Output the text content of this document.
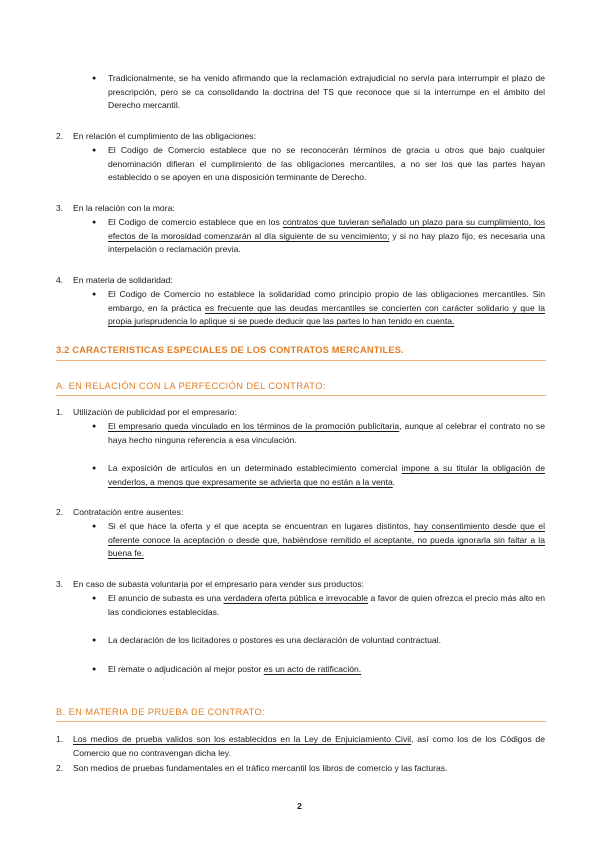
● Tradicionalmente, se ha venido afirmando que la reclamación extrajudicial no servía para interrumpir el plazo de prescripción, pero se ca consolidando la doctrina del TS que reconoce que si la interrumpe en el ámbito del Derecho mercantil.
2. En relación el cumplimiento de las obligaciones:
● El Codigo de Comercio establece que no se reconocerán términos de gracia u otros que bajo cualquier denominación difieran el cumplimiento de las obligaciones mercantiles, a no ser los que las partes hayan establecido o se apoyen en una disposición terminante de Derecho.
3. En la relación con la mora:
● El Codigo de comercio establece que en los contratos que tuvieran señalado un plazo para su cumplimiento, los efectos de la morosidad comenzarán al día siguiente de su vencimiento; y si no hay plazo fijo, es necesaria una interpelación o reclamación previa.
4. En materia de solidaridad:
● El Codigo de Comercio no establece la solidaridad como principio propio de las obligaciones mercantiles. Sin embargo, en la práctica es frecuente que las deudas mercantiles se concierten con carácter solidario y que la propia jurisprudencia lo aplique si se puede deducir que las partes lo han tenido en cuenta.
1. Utilización de publicidad por el empresario:
● El empresario queda vinculado en los términos de la promoción publicitaria, aunque al celebrar el contrato no se haya hecho ninguna referencia a esa vinculación.
● La exposición de artículos en un determinado establecimiento comercial impone a su titular la obligación de venderlos, a menos que expresamente se advierta que no están a la venta.
2. Contratación entre ausentes:
● Si el que hace la oferta y el que acepta se encuentran en lugares distintos, hay consentimiento desde que el oferente conoce la aceptación o desde que, habiéndose remitido el aceptante, no pueda ignorarla sin faltar a la buena fe.
3. En caso de subasta voluntaria por el empresario para vender sus productos:
● El anuncio de subasta es una verdadera oferta pública e irrevocable a favor de quien ofrezca el precio más alto en las condiciones establecidas.
● La declaración de los licitadores o postores es una declaración de voluntad contractual.
● El remate o adjudicación al mejor postor es un acto de ratificación.
1. Los medios de prueba validos son los establecidos en la Ley de Enjuiciamiento Civil, así como los de los Códigos de Comercio que no contravengan dicha ley.
2. Son medios de pruebas fundamentales en el tráfico mercantil los libros de comercio y las facturas.
3.2 CARACTERISTICAS ESPECIALES DE LOS CONTRATOS MERCANTILES.
A. EN RELACIÓN CON LA PERFECCIÓN DEL CONTRATO:
B. EN MATERIA DE PRUEBA DE CONTRATO:
2
